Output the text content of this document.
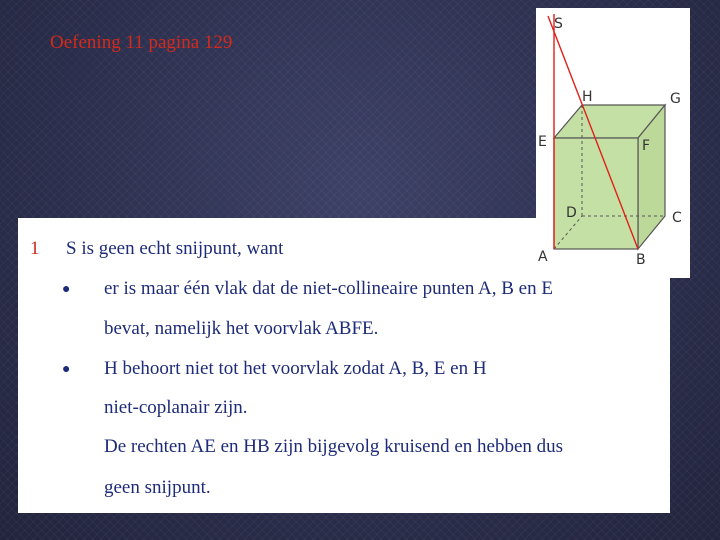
Oefening 11 pagina 129
1 S is geen echt snijpunt, want
● er is maar één vlak dat de niet-collineaire punten A, B en E
bevat, namelijk het voorvlak ABFE.
● H behoort niet tot het voorvlak zodat A, B, E en H
niet-coplanair zijn.
De rechten AE en HB zijn bijgevolg kruisend en hebben dus
geen snijpunt.
S
H	G
E	F
D	C
A	B
